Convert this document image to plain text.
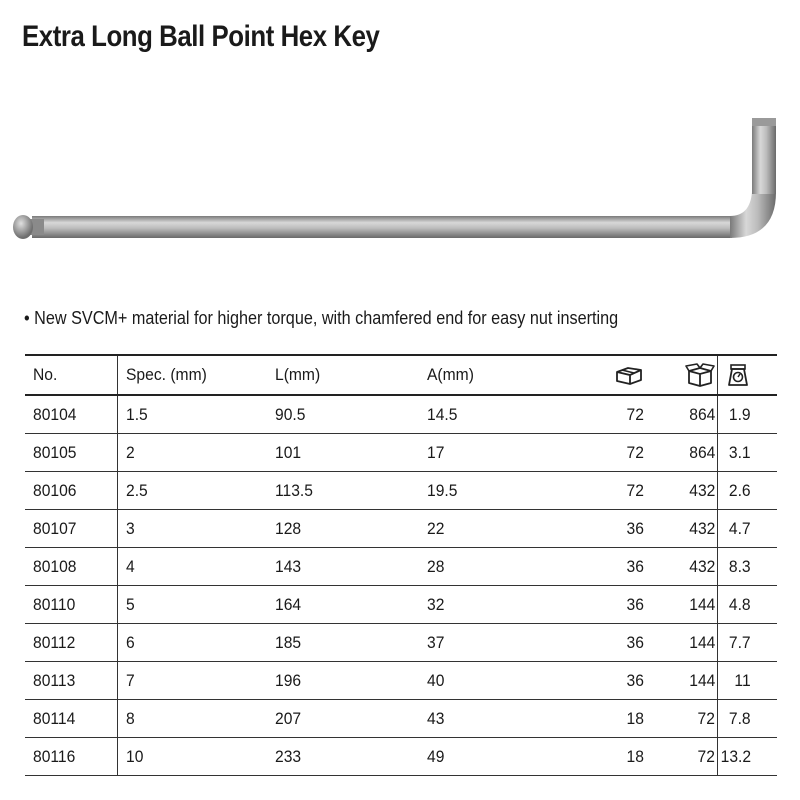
Extra Long Ball Point Hex Key
• New SVCM+ material for higher torque, with chamfered end for easy nut inserting
No.	Spec. (mm)	L(mm)	A(mm)			
80104	1.5	90.5	14.5	72	864	1.9
80105	2	101	17	72	864	3.1
80106	2.5	113.5	19.5	72	432	2.6
80107	3	128	22	36	432	4.7
80108	4	143	28	36	432	8.3
80110	5	164	32	36	144	4.8
80112	6	185	37	36	144	7.7
80113	7	196	40	36	144	11
80114	8	207	43	18	72	7.8
80116	10	233	49	18	72	13.2
